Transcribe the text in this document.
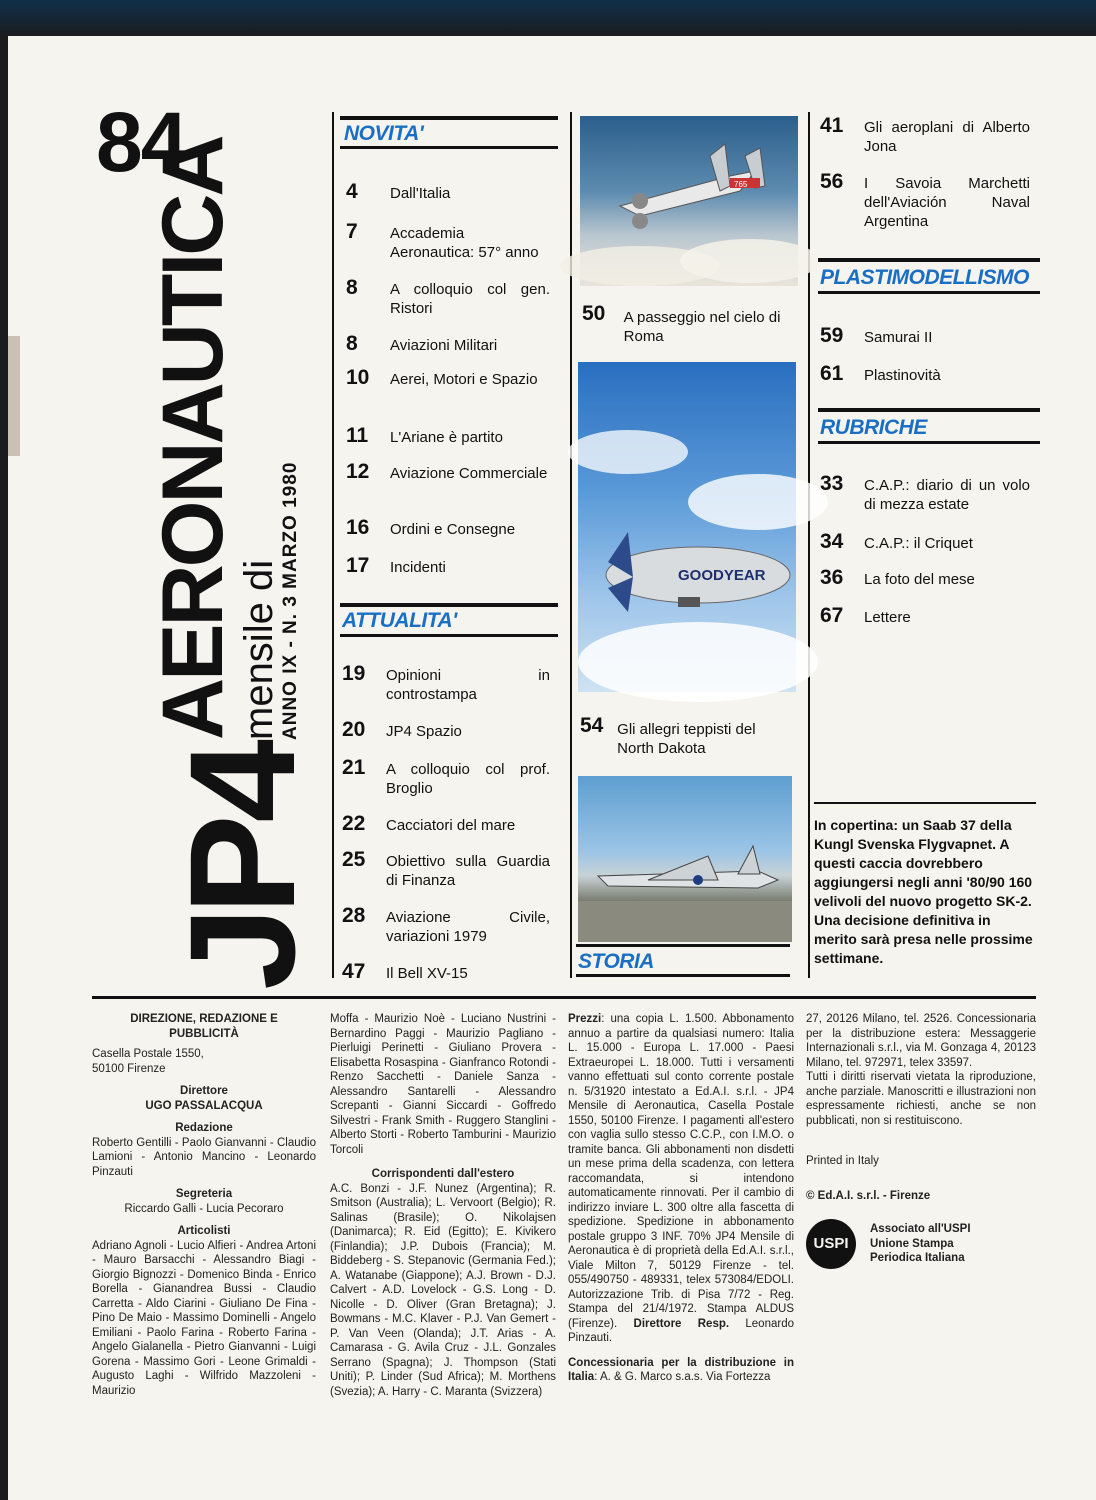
84
JP4
AERONAUTICA
mensile di ANNO IX - N. 3 MARZO 1980
NOVITA'
4	Dall'Italia
7	Accademia Aeronautica: 57° anno
8	A colloquio col gen. Ristori
8	Aviazioni Militari
10	Aerei, Motori e Spazio
11	L'Ariane è partito
12	Aviazione Commerciale
16	Ordini e Consegne
17	Incidenti
ATTUALITA'
19	Opinioni in controstampa
20	JP4 Spazio
21	A colloquio col prof. Broglio
22	Cacciatori del mare
25	Obiettivo sulla Guardia di Finanza
28	Aviazione Civile, variazioni 1979
47	Il Bell XV-15
765
50	A passeggio nel cielo di Roma
GOODYEAR
54 Gli allegri teppisti del North Dakota
STORIA
41	Gli aeroplani di Alberto Jona
56	I Savoia Marchetti dell'Aviación Naval Argentina
PLASTIMODELLISMO
59	Samurai II
61	Plastinovità
RUBRICHE
33	C.A.P.: diario di un volo di mezza estate
34	C.A.P.: il Criquet
36	La foto del mese
67	Lettere
In copertina: un Saab 37 della Kungl Svenska Flygvapnet. A questi caccia dovrebbero aggiungersi negli anni '80/90 160 velivoli del nuovo progetto SK-2. Una decisione definitiva in merito sarà presa nelle prossime settimane.
DIREZIONE, REDAZIONE E PUBBLICITÀ
Casella Postale 1550, 50100 Firenze
Direttore
UGO PASSALACQUA
Redazione
Roberto Gentilli - Paolo Gianvanni - Claudio Lamioni - Antonio Mancino - Leonardo Pinzauti
Segreteria
Riccardo Galli - Lucia Pecoraro
Articolisti
Adriano Agnoli - Lucio Alfieri - Andrea Artoni - Mauro Barsacchi - Alessandro Biagi - Giorgio Bignozzi - Domenico Binda - Enrico Borella - Gianandrea Bussi - Claudio Carretta - Aldo Ciarini - Giuliano De Fina - Pino De Maio - Massimo Dominelli - Angelo Emiliani - Paolo Farina - Roberto Farina - Angelo Gialanella - Pietro Gianvanni - Luigi Gorena - Massimo Gori - Leone Grimaldi - Augusto Laghi - Wilfrido Mazzoleni - Maurizio
Moffa - Maurizio Noè - Luciano Nustrini - Bernardino Paggi - Maurizio Pagliano - Pierluigi Perinetti - Giuliano Provera - Elisabetta Rosaspina - Gianfranco Rotondi - Renzo Sacchetti - Daniele Sanza - Alessandro Santarelli - Alessandro Screpanti - Gianni Siccardi - Goffredo Silvestri - Frank Smith - Ruggero Stanglini - Alberto Storti - Roberto Tamburini - Maurizio Torcoli
Corrispondenti dall'estero
A.C. Bonzi - J.F. Nunez (Argentina); R. Smitson (Australia); L. Vervoort (Belgio); R. Salinas (Brasile); O. Nikolajsen (Danimarca); R. Eid (Egitto); E. Kivikero (Finlandia); J.P. Dubois (Francia); M. Biddeberg - S. Stepanovic (Germania Fed.); A. Watanabe (Giappone); A.J. Brown - D.J. Calvert - A.D. Lovelock - G.S. Long - D. Nicolle - D. Oliver (Gran Bretagna); J. Bowmans - M.C. Klaver - P.J. Van Gemert - P. Van Veen (Olanda); J.T. Arias - A. Camarasa - G. Avila Cruz - J.L. Gonzales Serrano (Spagna); J. Thompson (Stati Uniti); P. Linder (Sud Africa); M. Morthens (Svezia); A. Harry - C. Maranta (Svizzera)
Prezzi: una copia L. 1.500. Abbonamento annuo a partire da qualsiasi numero: Italia L. 15.000 - Europa L. 17.000 - Paesi Extraeuropei L. 18.000. Tutti i versamenti vanno effettuati sul conto corrente postale n. 5/31920 intestato a Ed.A.I. s.r.l. - JP4 Mensile di Aeronautica, Casella Postale 1550, 50100 Firenze. I pagamenti all'estero con vaglia sullo stesso C.C.P., con I.M.O. o tramite banca. Gli abbonamenti non disdetti un mese prima della scadenza, con lettera raccomandata, si intendono automaticamente rinnovati. Per il cambio di indirizzo inviare L. 300 oltre alla fascetta di spedizione. Spedizione in abbonamento postale gruppo 3 INF. 70% JP4 Mensile di Aeronautica è di proprietà della Ed.A.I. s.r.l., Viale Milton 7, 50129 Firenze - tel. 055/490750 - 489331, telex 573084/EDOLI. Autorizzazione Trib. di Pisa 7/72 - Reg. Stampa del 21/4/1972. Stampa ALDUS (Firenze). Direttore Resp. Leonardo Pinzauti.
Concessionaria per la distribuzione in Italia: A. & G. Marco s.a.s. Via Fortezza
27, 20126 Milano, tel. 2526. Concessionaria per la distribuzione estera: Messaggerie Internazionali s.r.l., via M. Gonzaga 4, 20123 Milano, tel. 972971, telex 33597.
Tutti i diritti riservati vietata la riproduzione, anche parziale. Manoscritti e illustrazioni non espressamente richiesti, anche se non pubblicati, non si restituiscono.
Printed in Italy
© Ed.A.I. s.r.l. - Firenze
USPI
Associato all'USPI Unione Stampa Periodica Italiana
